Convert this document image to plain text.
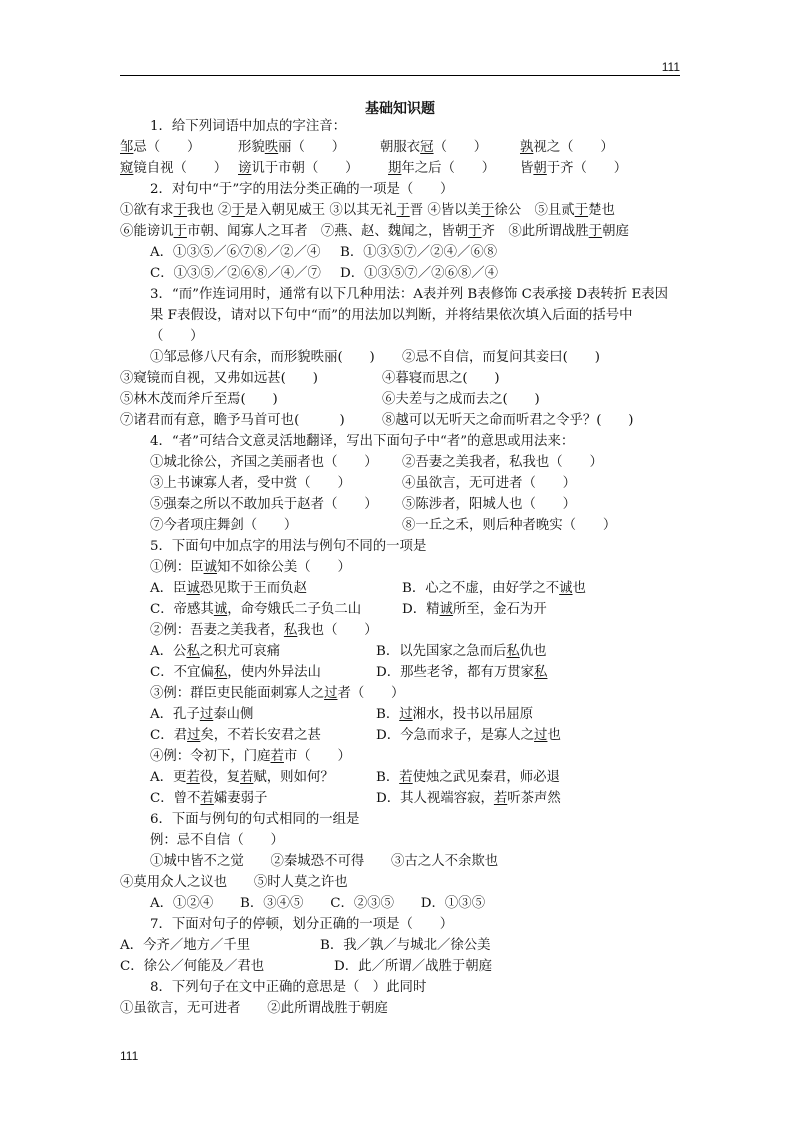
111
基础知识题
1．给下列词语中加点的字注音：
邹忌（　　）	形貌昳丽（　　）	朝服衣冠（　　）	孰视之（　　）
窥镜自视（　　） 谤讥于市朝（　　）	期年之后（　　）	皆朝于齐（　　）
2．对句中“于”字的用法分类正确的一项是（　　）
①欲有求 于 我也 ② 于 是入朝见威王 ③以其无礼 于 晋 ④皆以美 于 徐公　⑤且贰 于 楚也
⑥能谤讥 于 市朝、闻寡人之耳者　⑦燕、赵、魏闻之，皆朝 于 齐　⑧此所谓战胜 于 朝庭
A．①③⑤／⑥⑦⑧／②／④	B．①③⑤⑦／②④／⑥⑧
C．①③⑤／②⑥⑧／④／⑦	D．①③⑤⑦／②⑥⑧／④
3．“而”作连词用时，通常有以下几种用法：A表并列 B表修饰 C表承接 D表转折 E表因果 F表假设，请对以下句中“而”的用法加以判断，并将结果依次填入后面的括号中
（　　）
①邹忌修八尺有余，而形貌昳丽(　　)	②忌不自信，而复问其妾曰(　　)
③窥镜而自视，又弗如远甚(　　)	④暮寝而思之(　　)
⑤林木茂而斧斤至焉(　　)	⑥夫差与之成而去之(　　)
⑦诸君而有意，瞻予马首可也(　　　)	⑧越可以无听天之命而听君之令乎？(　　)
4．“者”可结合文意灵活地翻译，写出下面句子中“者”的意思或用法来：
①城北徐公，齐国之美丽者也（　　）	②吾妻之美我者，私我也（　　）
③上书谏寡人者，受中赏（　　）	④虽欲言，无可进者（　　）
⑤强秦之所以不敢加兵于赵者（　　）	⑤陈涉者，阳城人也（　　）
⑦今者项庄舞剑（　　）	⑧一丘之禾，则后种者晚实（　　）
5．下面句中加点字的用法与例句不同的一项是
①例：臣 诚 知不如徐公美（　　）
A．臣诚恐见欺于王而负赵	B．心之不虚，由好学之不诚也
C．帝感其诚，命夸娥氏二子负二山	D．精诚所至，金石为开
②例：吾妻之美我者， 私 我也（　　）
A．公私之积尤可哀痛	B．以先国家之急而后私仇也
C．不宜偏私，使内外异法山	D．那些老爷，都有万贯家私
③例：群臣吏民能面刺寡人之 过 者（　　）
A．孔子过泰山侧	B．过湘水，投书以吊屈原
C．君过矣，不若长安君之甚	D．今急而求子，是寡人之过也
④例：令初下，门庭 若 市（　　）
A．更若役，复若赋，则如何？	B．若使烛之武见秦君，师必退
C．曾不若孀妻弱子	D．其人视端容寂，若听茶声然
6．下面与例句的句式相同的一组是
例：忌不自信（　　）
①城中皆不之觉　　②秦城恐不可得　　③古之人不余欺也
④莫用众人之议也　　⑤时人莫之许也
A．①②④　　B．③④⑤　　C．②③⑤　　D．①③⑤
7．下面对句子的停顿，划分正确的一项是（　　）
A．今齐／地方／千里	B．我／孰／与城北／徐公美
C．徐公／何能及／君也	D．此／所谓／战胜于朝庭
8．下列句子在文中正确的意思是（　）此同时
①虽欲言，无可进者　　②此所谓战胜于朝庭
111
